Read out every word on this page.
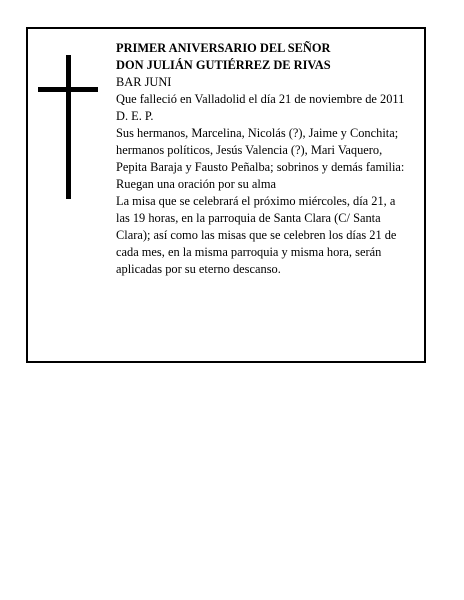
PRIMER ANIVERSARIO DEL SEÑOR

DON JULIÁN GUTIÉRREZ DE RIVAS

BAR JUNI

Que falleció en Valladolid el día 21 de noviembre de 2011

D. E. P.

Sus hermanos, Marcelina, Nicolás (?), Jaime y Conchita; hermanos políticos, Jesús Valencia (?), Mari Vaquero, Pepita Baraja y Fausto Peñalba; sobrinos y demás familia:

Ruegan una oración por su alma

La misa que se celebrará el próximo miércoles, día 21, a las 19 horas, en la parroquia de Santa Clara (C/ Santa Clara); así como las misas que se celebren los días 21 de cada mes, en la misma parroquia y misma hora, serán aplicadas por su eterno descanso.
